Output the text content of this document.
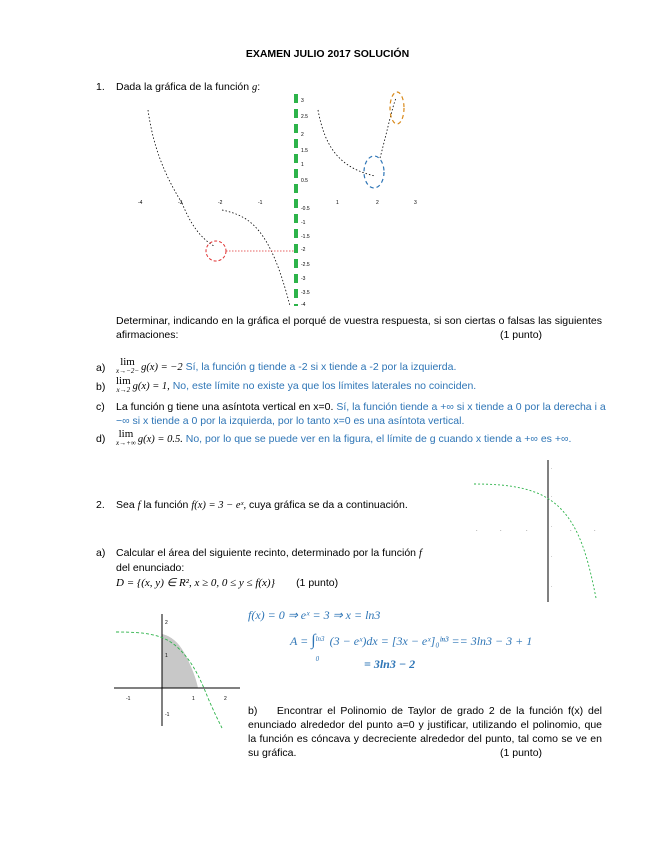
EXAMEN JULIO 2017 SOLUCIÓN
1. Dada la gráfica de la función g:
3
2.5
2
1.5
1
0.5
-0.5
-1
-1.5
-2
-2.5
-3
-3.5
-4
-4	-3	-2	-1	1	2	3
Determinar, indicando en la gráfica el porqué de vuestra respuesta, si son ciertas o falsas las siguientes afirmaciones:	(1 punto)
a)	lim
x→−2− g(x) = −2 Sí, la función g tiende a -2 si x tiende a -2 por la izquierda.
b) lim
x→2 g(x) = 1, No, este límite no existe ya que los límites laterales no coinciden.
c) La función g tiene una asíntota vertical en x=0. Sí, la función tiende a +∞ si x tiende a 0 por la derecha i a −∞ si x tiende a 0 por la izquierda, por lo tanto x=0 es una asíntota vertical.
d) lim
x→+∞ g(x) = 0.5. No, por lo que se puede ver en la figura, el límite de g cuando x tiende a +∞ es +∞.
2. Sea f la función f(x) = 3 − eˣ, cuya gráfica se da a continuación.
·
·
·
·
·
-	-	-	-	-
a) Calcular el área del siguiente recinto, determinado por la función f
del enunciado:
D = {(x, y) ∈ R², x ≥ 0, 0 ≤ y ≤ f(x)} (1 punto)
2
1
-1
-1	1	2
f(x) = 0 ⇒ eˣ = 3 ⇒ x = ln3
A = ∫ ln3
0
(3 − eˣ)dx = [3x − eˣ]₀ˡⁿ³ == 3ln3 − 3 + 1
= 3ln3 − 2
b) Encontrar el Polinomio de Taylor de grado 2 de la función f(x) del enunciado alrededor del punto a=0 y justificar, utilizando el polinomio, que la función es cóncava y decreciente alrededor del punto, tal como se ve en su gráfica.	(1 punto)
